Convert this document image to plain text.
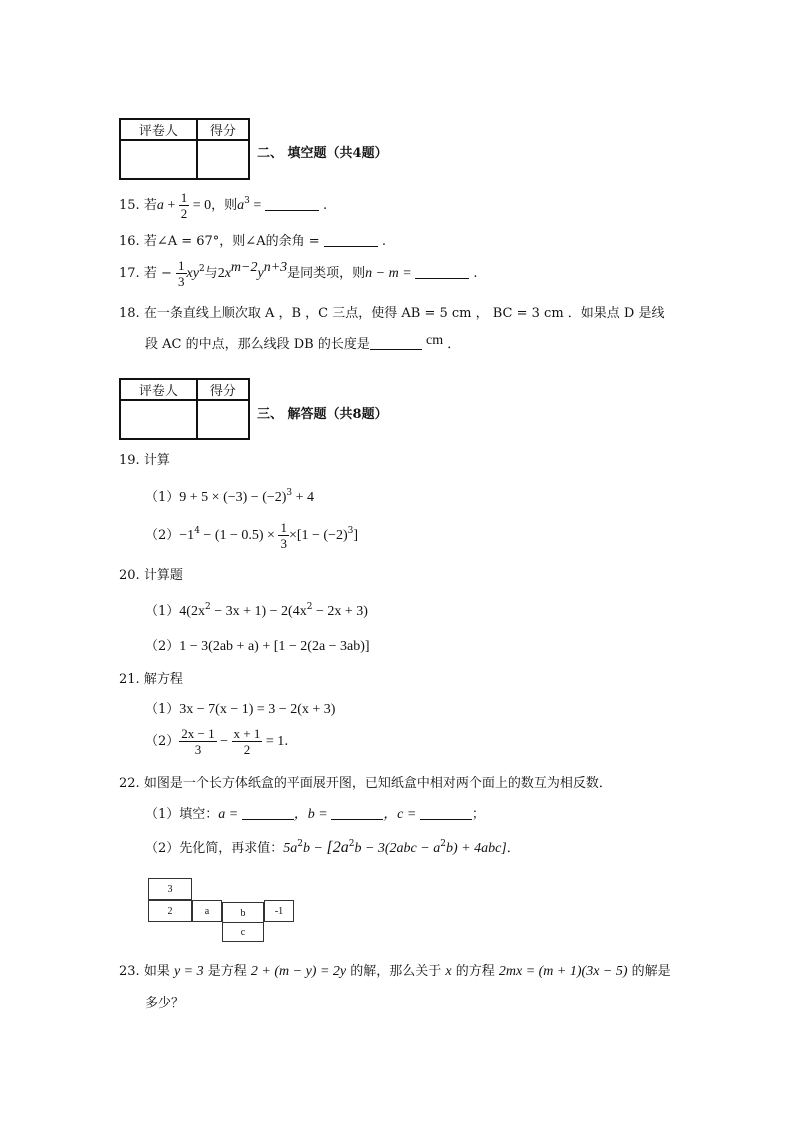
评卷人	得分

二、 填空题（共4题）
15. 若$a + \frac{1}{2} = 0$，则$a^3$ =	.
16. 若∠A = 67°，则∠A的余角 =	.
17. 若 − $\frac{1}{3} xy^2$与$2x^{m-2}y^{n+3}$是同类项，则n − m =	.
18. 在一条直线上顺次取 A ，B ，C 三点，使得 AB = 5 cm ， BC = 3 cm ．如果点 D 是线
段 AC 的中点，那么线段 DB 的长度是	cm ．
评卷人	得分

三、 解答题（共8题）
19. 计算
$(1)9 + 5 \times (-3) - (-2)^3 + 4$
$(2)-1^4 - (1 - 0.5) \times \frac{1}{3} \times[1 - (-2)^3]$
20. 计算题
$(1)4(2x^2 - 3x + 1) - 2(4x^2 - 2x + 3)$
（2）1 − 3(2ab + a) + [1 − 2(2a − 3ab)]
21. 解方程
（1）3x − 7(x − 1) = 3 − 2(x + 3)
$(2) \frac{2x - 1}{3} - \frac{x + 1}{2} = 1$.
22. 如图是一个长方体纸盒的平面展开图，已知纸盒中相对两个面上的数互为相反数．
（1）填空：a =	，b =	，c =	；
（2）先化简，再求值：$5a^2b - [2a^2b - 3(2abc - a^2b) + 4abc]$．
3
2	a	b	-1
c
23. 如果 y = 3 是方程 2 + (m − y) = 2y 的解，那么关于 x 的方程 2mx = (m + 1)(3x − 5) 的解是
多少？
